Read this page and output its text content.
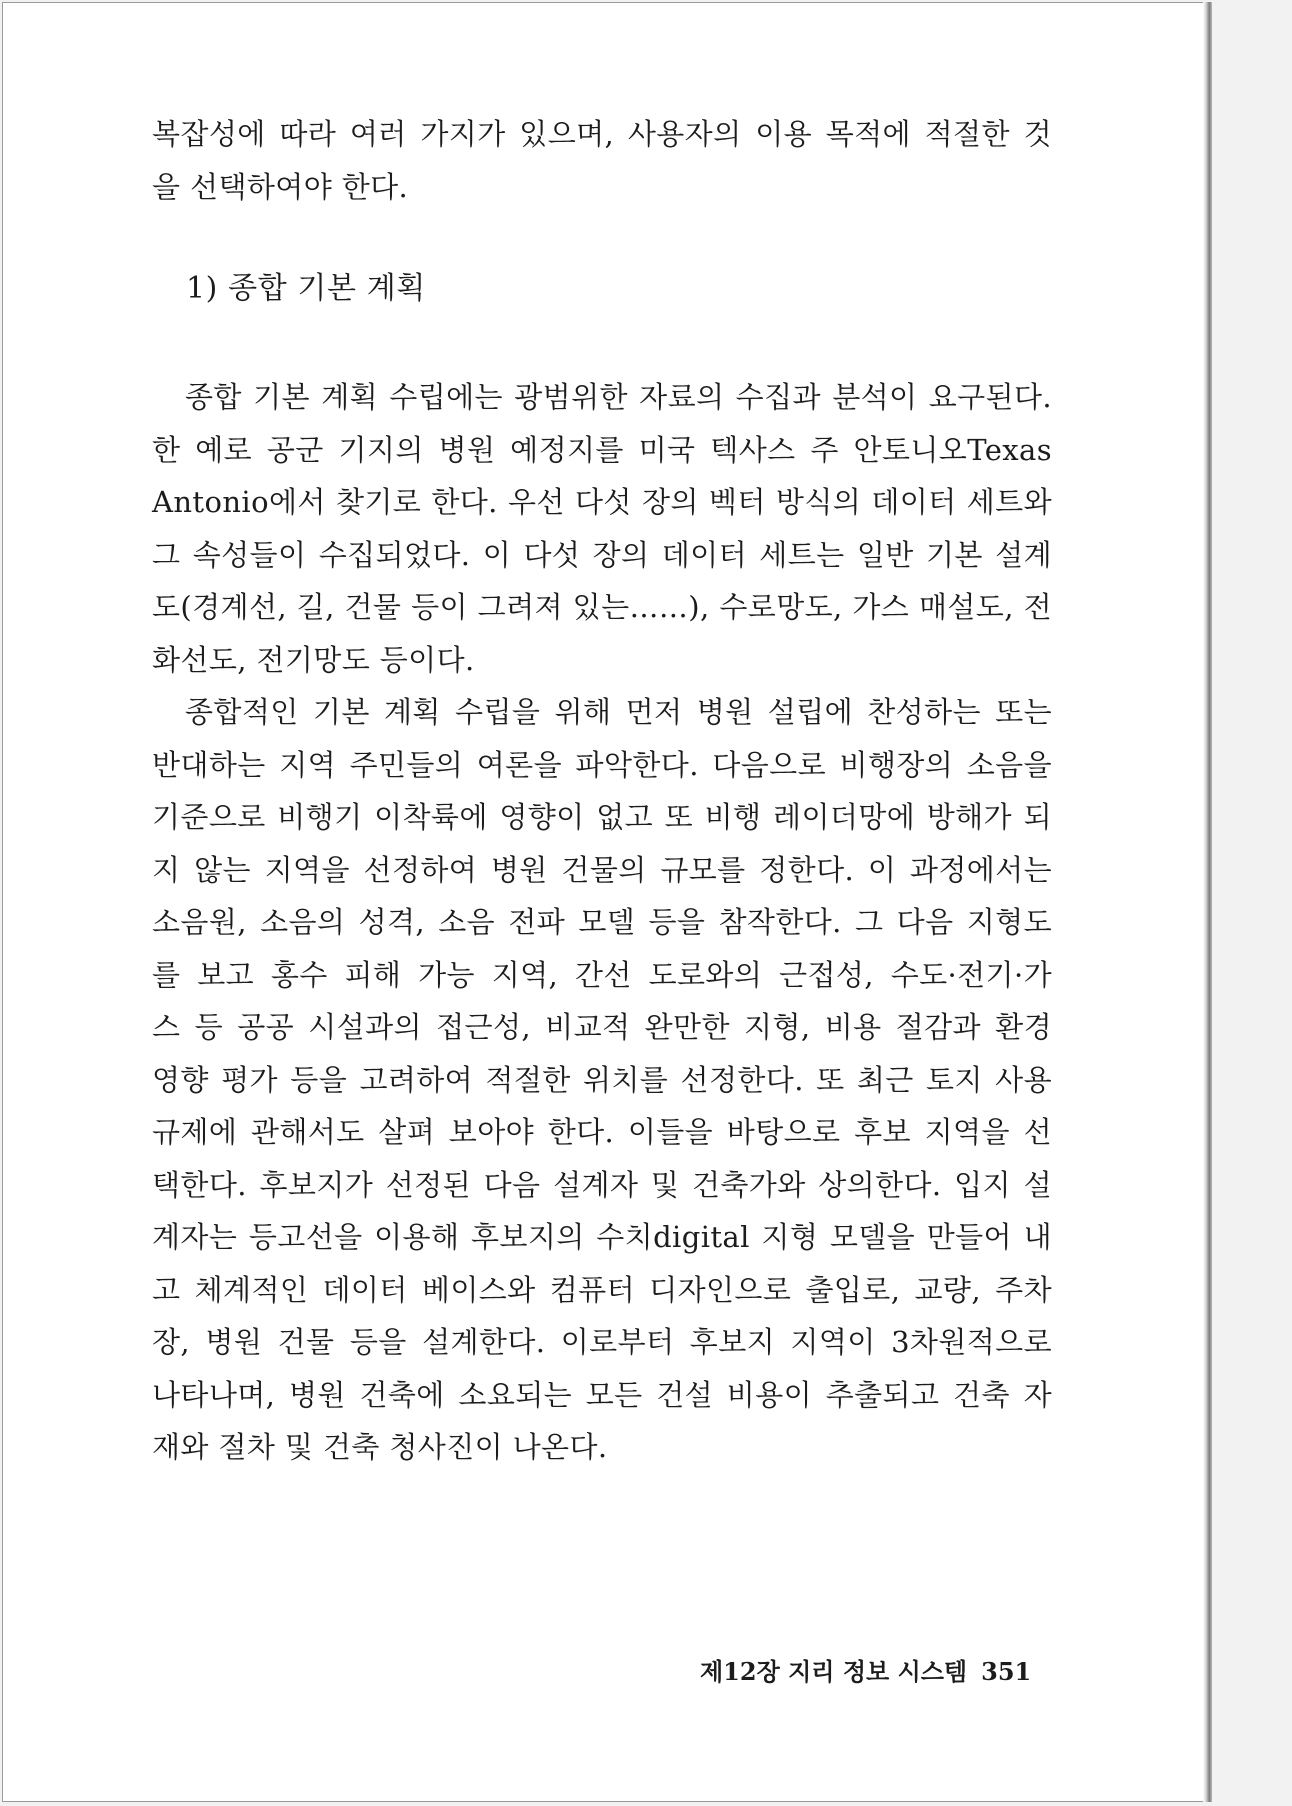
복잡성에 따라 여러 가지가 있으며, 사용자의 이용 목적에 적절한 것
을 선택하여야 한다.
1) 종합 기본 계획
종합 기본 계획 수립에는 광범위한 자료의 수집과 분석이 요구된다.
한 예로 공군 기지의 병원 예정지를 미국 텍사스 주 안토니오Texas
Antonio에서 찾기로 한다. 우선 다섯 장의 벡터 방식의 데이터 세트와
그 속성들이 수집되었다. 이 다섯 장의 데이터 세트는 일반 기본 설계
도(경계선, 길, 건물 등이 그려져 있는……), 수로망도, 가스 매설도, 전
화선도, 전기망도 등이다.
종합적인 기본 계획 수립을 위해 먼저 병원 설립에 찬성하는 또는
반대하는 지역 주민들의 여론을 파악한다. 다음으로 비행장의 소음을
기준으로 비행기 이착륙에 영향이 없고 또 비행 레이더망에 방해가 되
지 않는 지역을 선정하여 병원 건물의 규모를 정한다. 이 과정에서는
소음원, 소음의 성격, 소음 전파 모델 등을 참작한다. 그 다음 지형도
를 보고 홍수 피해 가능 지역, 간선 도로와의 근접성, 수도·전기·가
스 등 공공 시설과의 접근성, 비교적 완만한 지형, 비용 절감과 환경
영향 평가 등을 고려하여 적절한 위치를 선정한다. 또 최근 토지 사용
규제에 관해서도 살펴 보아야 한다. 이들을 바탕으로 후보 지역을 선
택한다. 후보지가 선정된 다음 설계자 및 건축가와 상의한다. 입지 설
계자는 등고선을 이용해 후보지의 수치digital 지형 모델을 만들어 내
고 체계적인 데이터 베이스와 컴퓨터 디자인으로 출입로, 교량, 주차
장, 병원 건물 등을 설계한다. 이로부터 후보지 지역이 3차원적으로
나타나며, 병원 건축에 소요되는 모든 건설 비용이 추출되고 건축 자
재와 절차 및 건축 청사진이 나온다.
제12장 지리 정보 시스템 351
